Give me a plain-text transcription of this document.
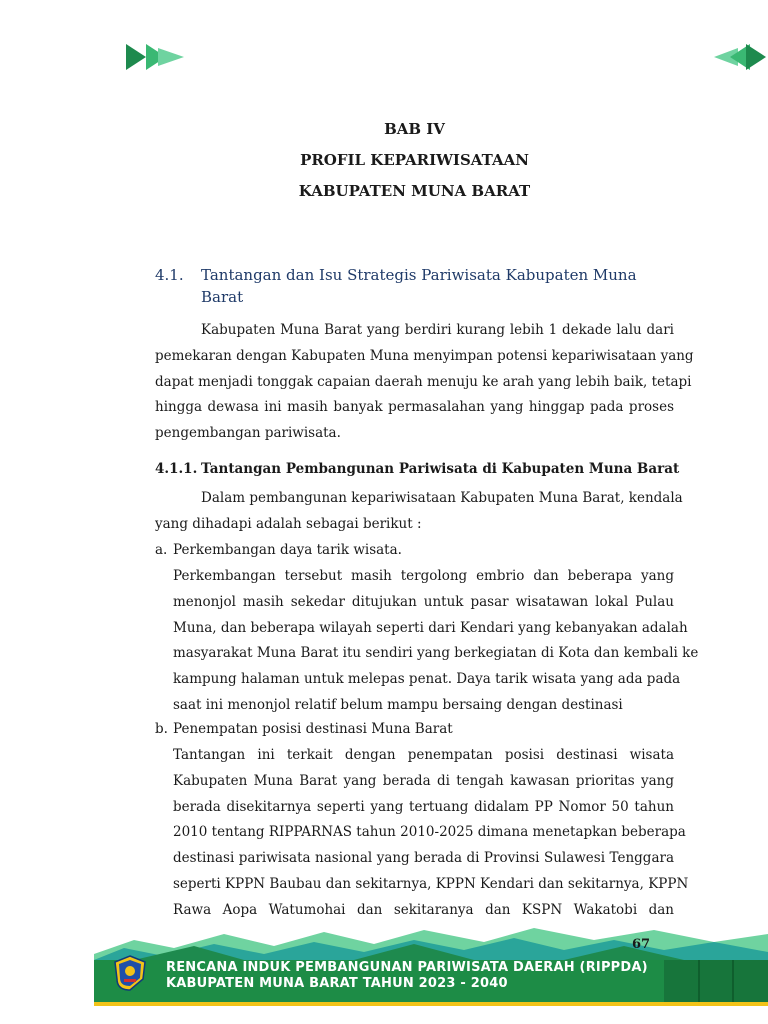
BAB IV
PROFIL KEPARIWISATAAN
KABUPATEN MUNA BARAT
4.1. Tantangan dan Isu Strategis Pariwisata Kabupaten Muna Barat
Kabupaten Muna Barat yang berdiri kurang lebih 1 dekade lalu dari
pemekaran dengan Kabupaten Muna menyimpan potensi kepariwisataan yang
dapat menjadi tonggak capaian daerah menuju ke arah yang lebih baik, tetapi
hingga dewasa ini masih banyak permasalahan yang hinggap pada proses
pengembangan pariwisata.
4.1.1. Tantangan Pembangunan Pariwisata di Kabupaten Muna Barat
Dalam pembangunan kepariwisataan Kabupaten Muna Barat, kendala
yang dihadapi adalah sebagai berikut :
a. Perkembangan daya tarik wisata.
Perkembangan tersebut masih tergolong embrio dan beberapa yang
menonjol masih sekedar ditujukan untuk pasar wisatawan lokal Pulau
Muna, dan beberapa wilayah seperti dari Kendari yang kebanyakan adalah
masyarakat Muna Barat itu sendiri yang berkegiatan di Kota dan kembali ke
kampung halaman untuk melepas penat. Daya tarik wisata yang ada pada
saat ini menonjol relatif belum mampu bersaing dengan destinasi
b. Penempatan posisi destinasi Muna Barat
Tantangan ini terkait dengan penempatan posisi destinasi wisata
Kabupaten Muna Barat yang berada di tengah kawasan prioritas yang
berada disekitarnya seperti yang tertuang didalam PP Nomor 50 tahun
2010 tentang RIPPARNAS tahun 2010-2025 dimana menetapkan beberapa
destinasi pariwisata nasional yang berada di Provinsi Sulawesi Tenggara
seperti KPPN Baubau dan sekitarnya, KPPN Kendari dan sekitarnya, KPPN
Rawa Aopa Watumohai dan sekitaranya dan KSPN Wakatobi dan
67
RENCANA INDUK PEMBANGUNAN PARIWISATA DAERAH (RIPPDA)
KABUPATEN MUNA BARAT TAHUN 2023 - 2040
